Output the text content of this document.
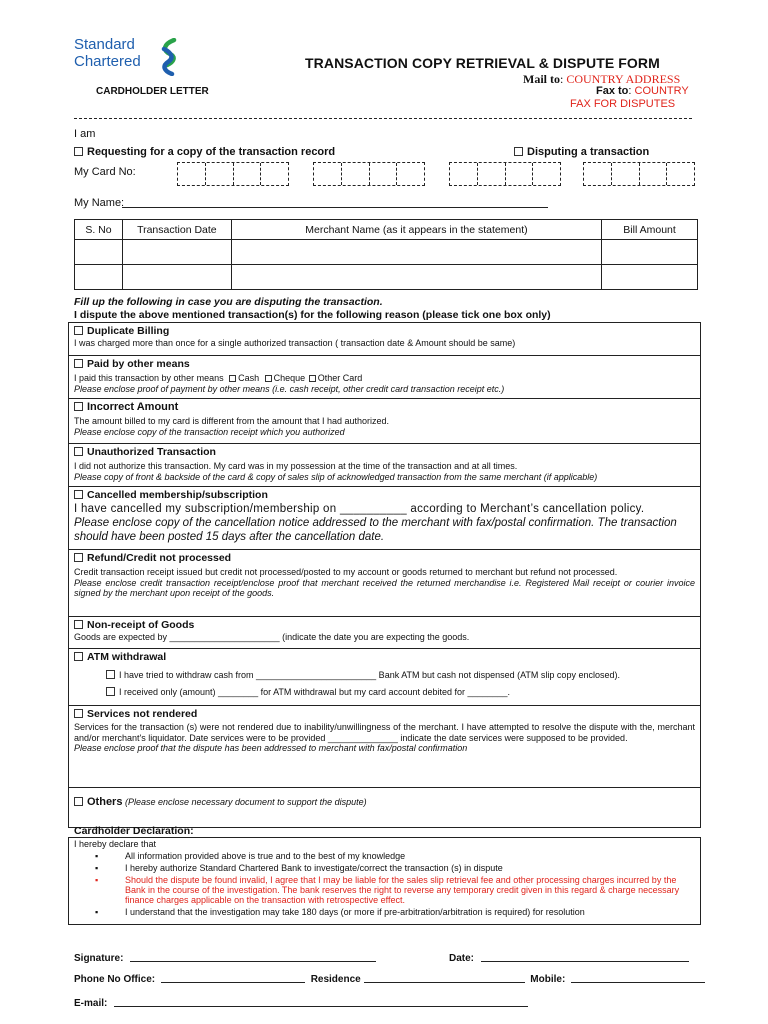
Standard
Chartered	TRANSACTION COPY RETRIEVAL & DISPUTE FORM
Mail to: COUNTRY ADDRESS
Fax to: COUNTRY
FAX FOR DISPUTES
CARDHOLDER LETTER
I am
Requesting for a copy of the transaction record	Disputing a transaction
My Card No:
My Name:
S. No	Transaction Date	Merchant Name (as it appears in the statement)	Bill Amount

Fill up the following in case you are disputing the transaction.
I dispute the above mentioned transaction(s) for the following reason (please tick one box only)
Duplicate Billing
I was charged more than once for a single authorized transaction ( transaction date & Amount should be same)
Paid by other means
I paid this transaction by other means Cash Cheque Other Card
Please enclose proof of payment by other means (i.e. cash receipt, other credit card transaction receipt etc.)
Incorrect Amount
The amount billed to my card is different from the amount that I had authorized.
Please enclose copy of the transaction receipt which you authorized
Unauthorized Transaction
I did not authorize this transaction. My card was in my possession at the time of the transaction and at all times.
Please copy of front & backside of the card & copy of sales slip of acknowledged transaction from the same merchant (if applicable)
Cancelled membership/subscription
I have cancelled my subscription/membership on __________ according to Merchant’s cancellation policy.
Please enclose copy of the cancellation notice addressed to the merchant with fax/postal confirmation. The transaction should have been posted 15 days after the cancellation date.
Refund/Credit not processed
Credit transaction receipt issued but credit not processed/posted to my account or goods returned to merchant but refund not processed.
Please enclose credit transaction receipt/enclose proof that merchant received the returned merchandise i.e. Registered Mail receipt or courier invoice signed by the merchant upon receipt of the goods.
Non-receipt of Goods
Goods are expected by ______________________ (indicate the date you are expecting the goods.
ATM withdrawal
I have tried to withdraw cash from ________________________ Bank ATM but cash not dispensed (ATM slip copy enclosed).
I received only (amount) ________ for ATM withdrawal but my card account debited for ________.
Services not rendered
Services for the transaction (s) were not rendered due to inability/unwillingness of the merchant. I have attempted to resolve the dispute with the, merchant and/or merchant's liquidator. Date services were to be provided ______________ indicate the date services were supposed to be provided.
Please enclose proof that the dispute has been addressed to merchant with fax/postal confirmation
Others (Please enclose necessary document to support the dispute)
Cardholder Declaration:
I hereby declare that
▪	All information provided above is true and to the best of my knowledge
▪	I hereby authorize Standard Chartered Bank to investigate/correct the transaction (s) in dispute
▪	Should the dispute be found invalid, I agree that I may be liable for the sales slip retrieval fee and other processing charges incurred by the Bank in the course of the investigation. The bank reserves the right to reverse any temporary credit given in this regard & charge necessary finance charges applicable on the transaction with retrospective effect.
▪	I understand that the investigation may take 180 days (or more if pre-arbitration/arbitration is required) for resolution
Signature:	Date:
Phone No Office:	Residence	Mobile:
E-mail:
